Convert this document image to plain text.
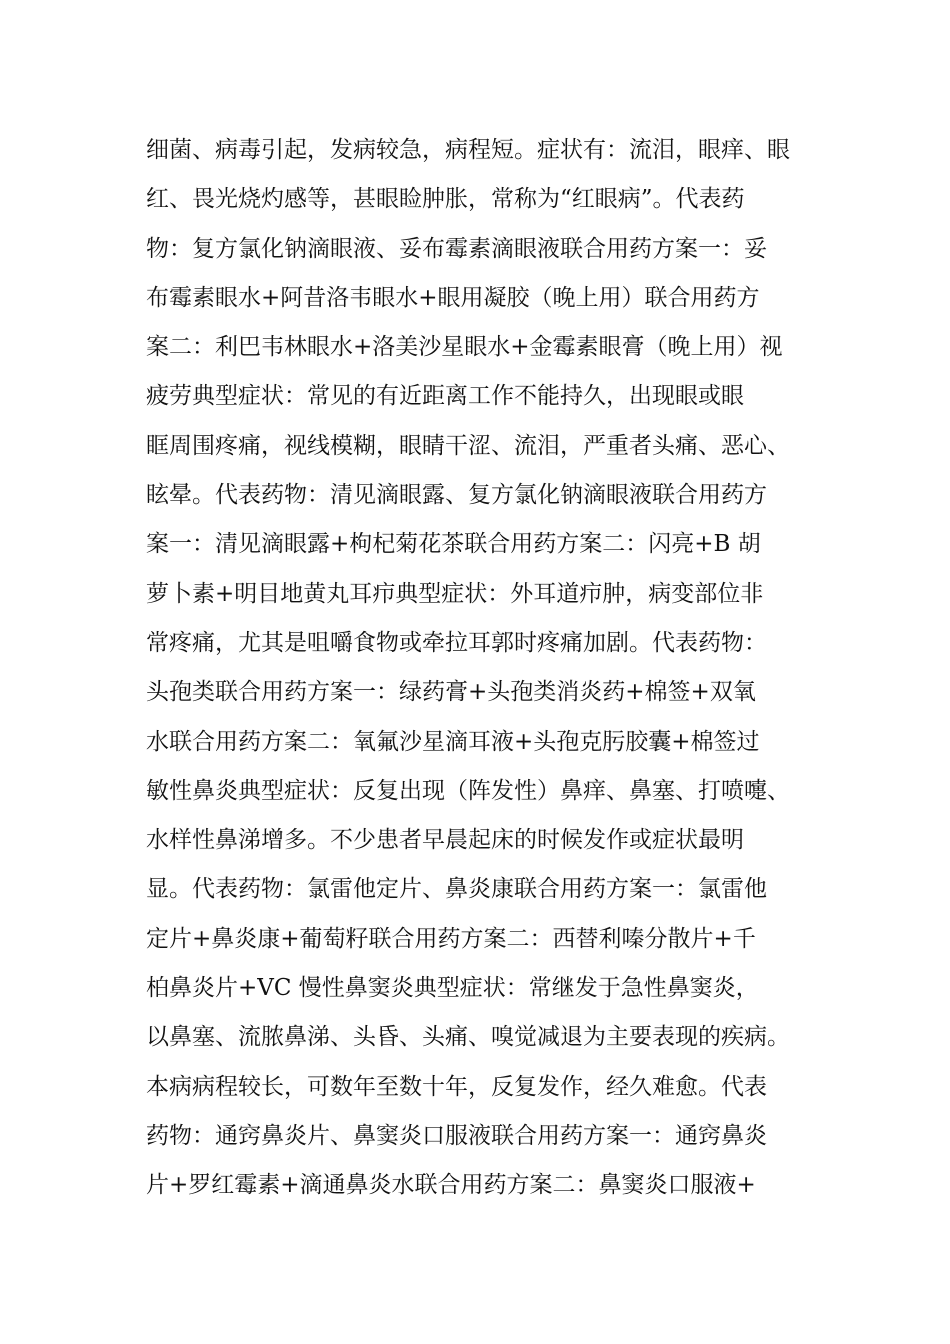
细菌、病毒引起，发病较急，病程短。症状有：流泪，眼痒、眼
红、畏光烧灼感等，甚眼睑肿胀，常称为“红眼病”。代表药
物：复方氯化钠滴眼液、妥布霉素滴眼液联合用药方案一：妥
布霉素眼水+阿昔洛韦眼水+眼用凝胶（晚上用）联合用药方
案二：利巴韦林眼水+洛美沙星眼水+金霉素眼膏（晚上用）视
疲劳典型症状：常见的有近距离工作不能持久，出现眼或眼
眶周围疼痛，视线模糊，眼睛干涩、流泪，严重者头痛、恶心、
眩晕。代表药物：清见滴眼露、复方氯化钠滴眼液联合用药方
案一：清见滴眼露+枸杞菊花茶联合用药方案二：闪亮+B 胡
萝卜素+明目地黄丸耳疖典型症状：外耳道疖肿，病变部位非
常疼痛，尤其是咀嚼食物或牵拉耳郭时疼痛加剧。代表药物：
头孢类联合用药方案一：绿药膏+头孢类消炎药+棉签+双氧
水联合用药方案二：氧氟沙星滴耳液+头孢克肟胶囊+棉签过
敏性鼻炎典型症状：反复出现（阵发性）鼻痒、鼻塞、打喷嚏、
水样性鼻涕增多。不少患者早晨起床的时候发作或症状最明
显。代表药物：氯雷他定片、鼻炎康联合用药方案一：氯雷他
定片+鼻炎康+葡萄籽联合用药方案二：西替利嗪分散片+千
柏鼻炎片+VC 慢性鼻窦炎典型症状：常继发于急性鼻窦炎，
以鼻塞、流脓鼻涕、头昏、头痛、嗅觉减退为主要表现的疾病。
本病病程较长，可数年至数十年，反复发作，经久难愈。代表
药物：通窍鼻炎片、鼻窦炎口服液联合用药方案一：通窍鼻炎
片+罗红霉素+滴通鼻炎水联合用药方案二：鼻窦炎口服液+
